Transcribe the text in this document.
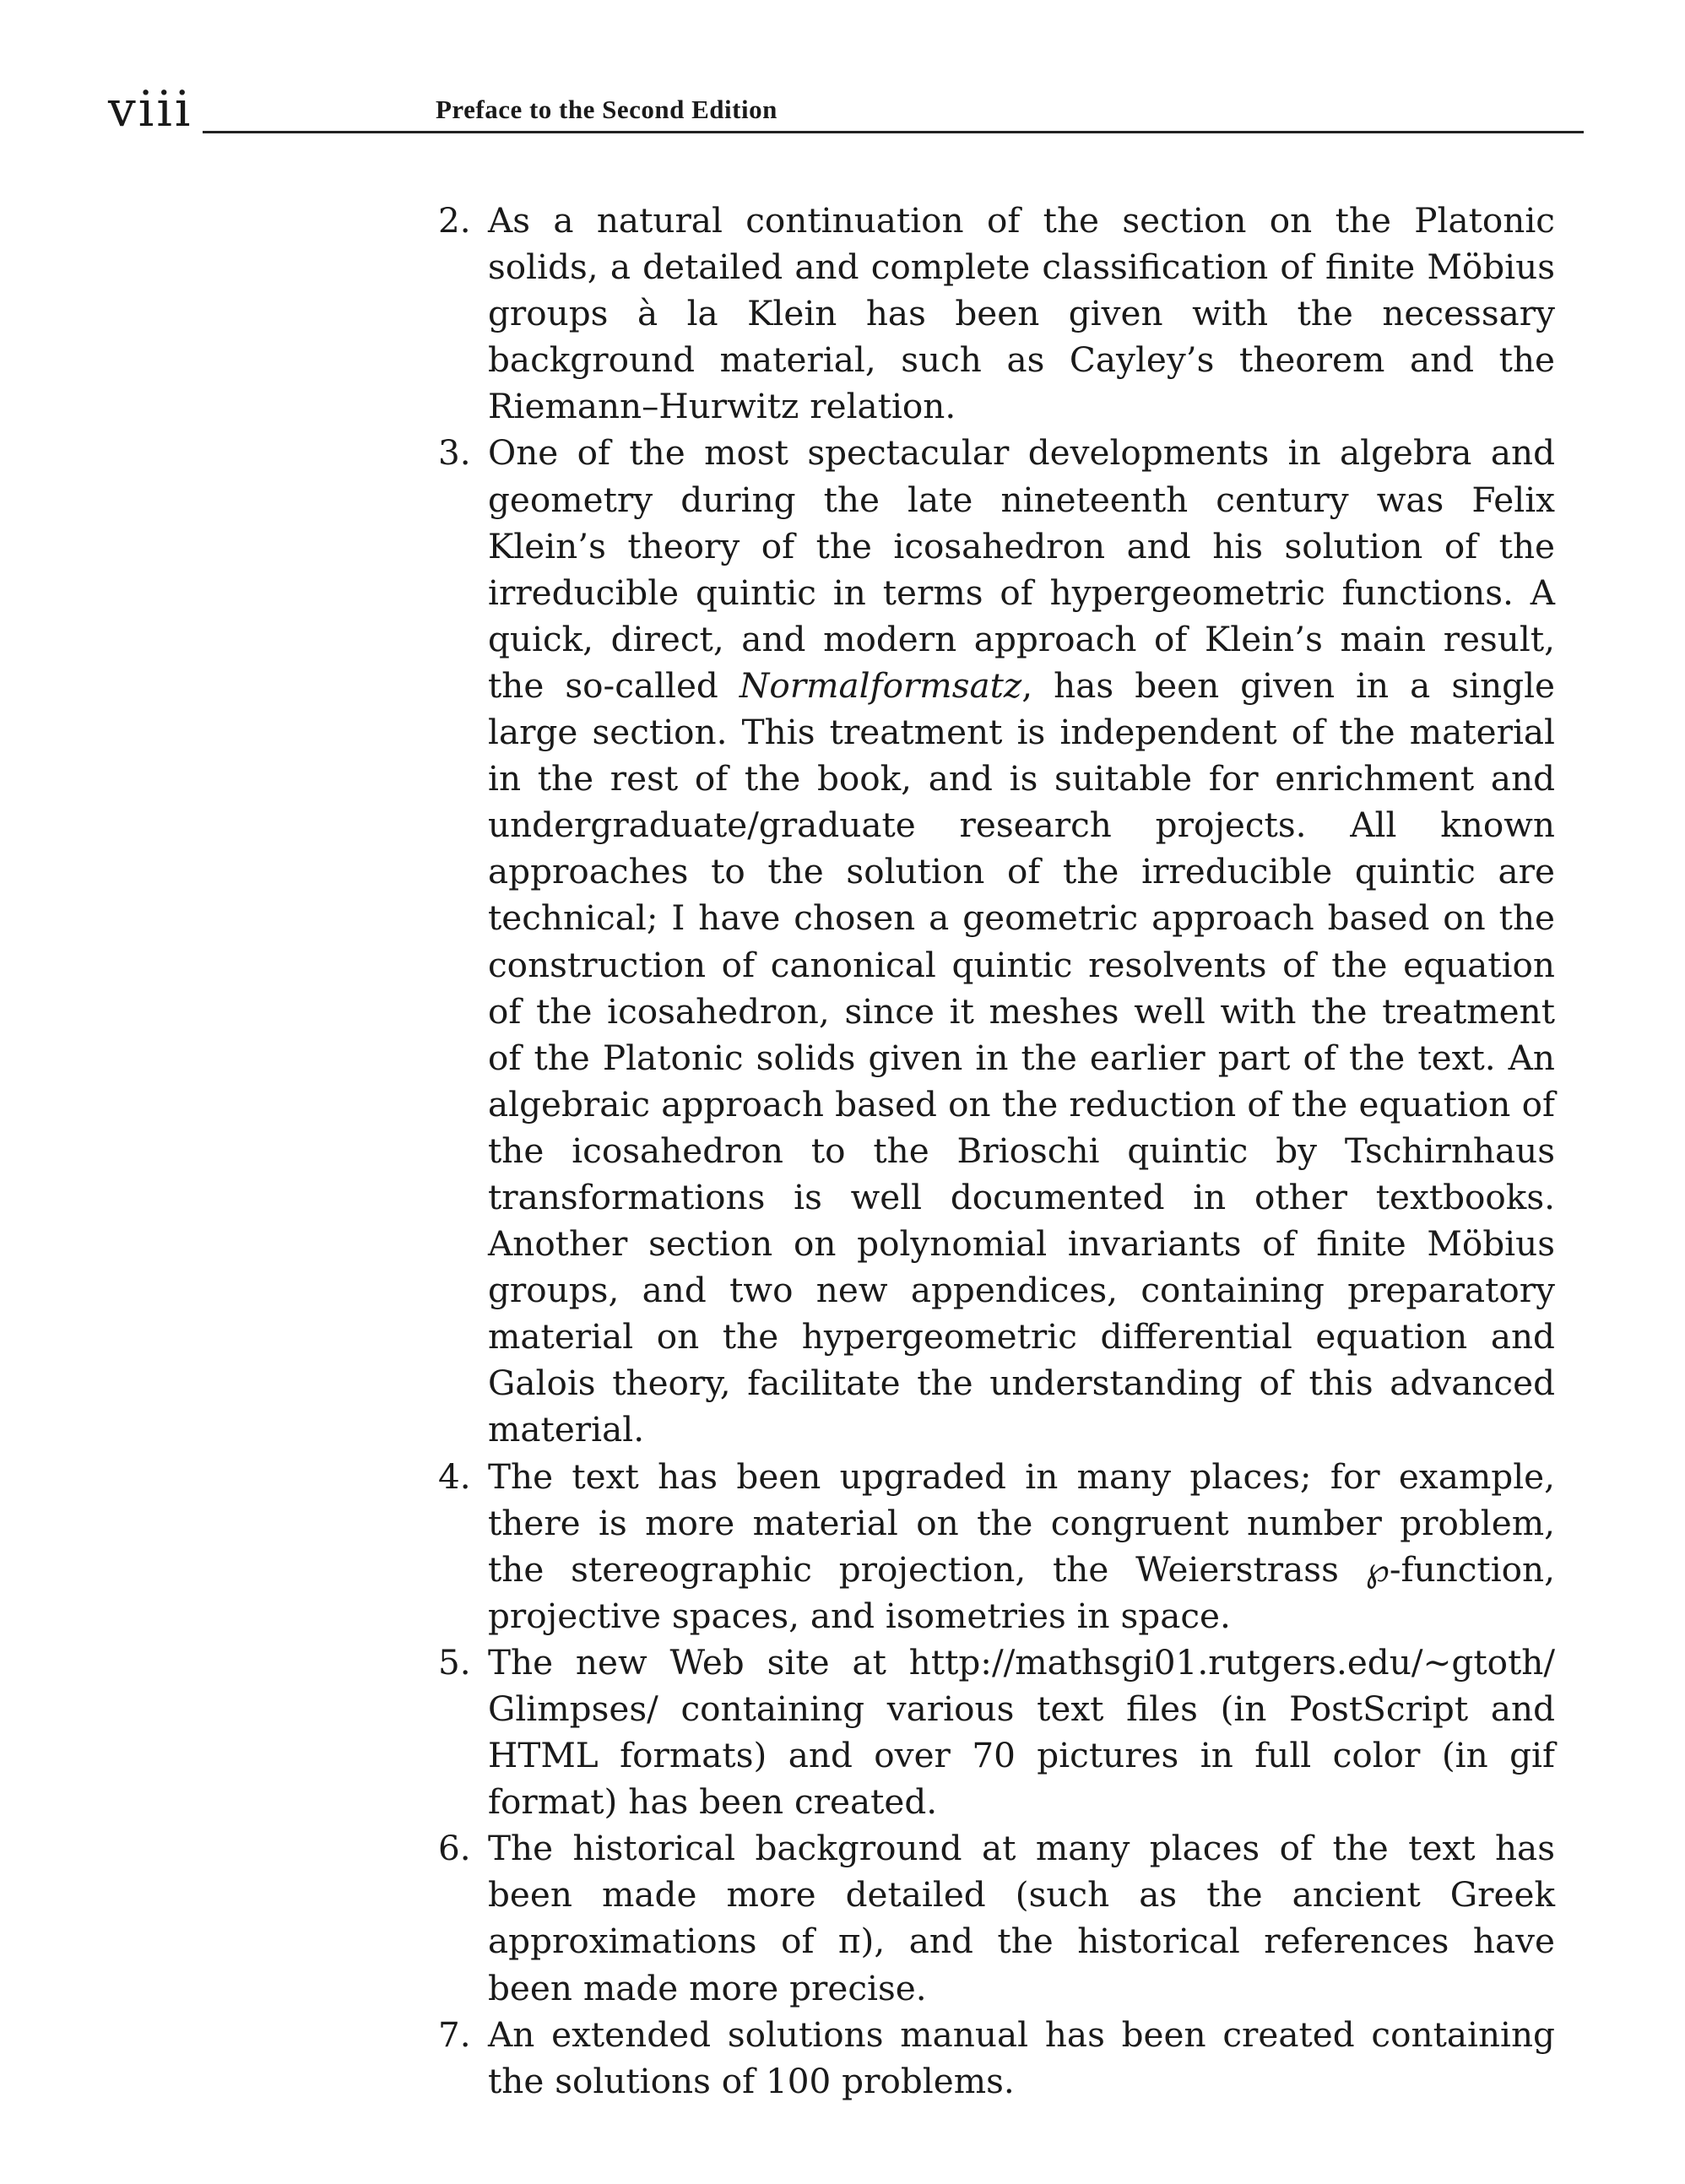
viii	Preface to the Second Edition
2. As a natural continuation of the section on the Platonic solids, a detailed and complete classification of finite Möbius groups à la Klein has been given with the necessary background material, such as Cayley’s theorem and the Riemann–Hurwitz relation.
3. One of the most spectacular developments in algebra and geometry during the late nineteenth century was Felix Klein’s theory of the icosahedron and his solution of the irreducible quintic in terms of hypergeometric functions. A quick, direct, and modern approach of Klein’s main result, the so-called Normalformsatz, has been given in a single large section. This treatment is independent of the material in the rest of the book, and is suitable for enrichment and undergraduate/graduate research projects. All known approaches to the solution of the irreducible quintic are technical; I have chosen a geometric approach based on the construction of canonical quintic resolvents of the equation of the icosahedron, since it meshes well with the treatment of the Platonic solids given in the earlier part of the text. An algebraic approach based on the reduction of the equation of the icosahedron to the Brioschi quintic by Tschirnhaus transformations is well documented in other textbooks. Another section on polynomial invariants of finite Möbius groups, and two new appendices, containing preparatory material on the hypergeometric differential equation and Galois theory, facilitate the understanding of this advanced material.
4. The text has been upgraded in many places; for example, there is more material on the congruent number problem, the stereographic projection, the Weierstrass ℘-function, projective spaces, and isometries in space.
5. The new Web site at http://mathsgi01.rutgers.edu/∼gtoth/ Glimpses/ containing various text files (in PostScript and HTML formats) and over 70 pictures in full color (in gif format) has been created.
6. The historical background at many places of the text has been made more detailed (such as the ancient Greek approximations of π), and the historical references have been made more precise.
7. An extended solutions manual has been created containing the solutions of 100 problems.
